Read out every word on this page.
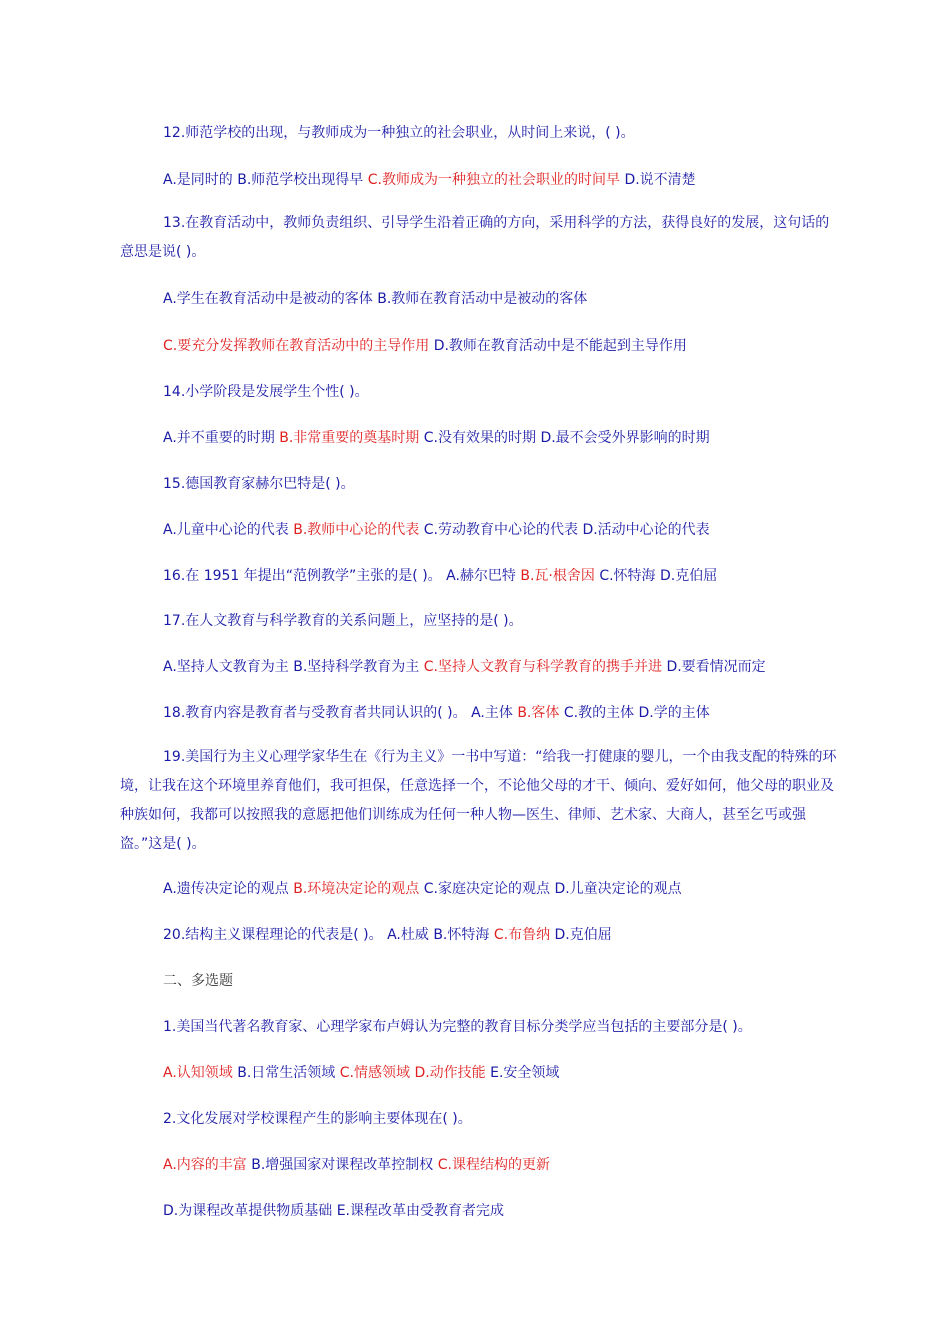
12.师范学校的出现，与教师成为一种独立的社会职业，从时间上来说，( )。
A.是同时的 B.师范学校出现得早 C.教师成为一种独立的社会职业的时间早 D.说不清楚
13.在教育活动中，教师负责组织、引导学生沿着正确的方向，采用科学的方法，获得良好的发展，这句话的意思是说( )。
A.学生在教育活动中是被动的客体 B.教师在教育活动中是被动的客体
C.要充分发挥教师在教育活动中的主导作用 D.教师在教育活动中是不能起到主导作用
14.小学阶段是发展学生个性( )。
A.并不重要的时期 B.非常重要的奠基时期 C.没有效果的时期 D.最不会受外界影响的时期
15.德国教育家赫尔巴特是( )。
A.儿童中心论的代表 B.教师中心论的代表 C.劳动教育中心论的代表 D.活动中心论的代表
16.在 1951 年提出“范例教学”主张的是( )。 A.赫尔巴特 B.瓦·根舍因 C.怀特海 D.克伯屈
17.在人文教育与科学教育的关系问题上，应坚持的是( )。
A.坚持人文教育为主 B.坚持科学教育为主 C.坚持人文教育与科学教育的携手并进 D.要看情况而定
18.教育内容是教育者与受教育者共同认识的( )。 A.主体 B.客体 C.教的主体 D.学的主体
19.美国行为主义心理学家华生在《行为主义》一书中写道：“给我一打健康的婴儿，一个由我支配的特殊的环境，让我在这个环境里养育他们，我可担保，任意选择一个，不论他父母的才干、倾向、爱好如何，他父母的职业及种族如何，我都可以按照我的意愿把他们训练成为任何一种人物—医生、律师、艺术家、大商人，甚至乞丐或强盗。”这是( )。
A.遗传决定论的观点 B.环境决定论的观点 C.家庭决定论的观点 D.儿童决定论的观点
20.结构主义课程理论的代表是( )。 A.杜威 B.怀特海 C.布鲁纳 D.克伯屈
二、多选题
1.美国当代著名教育家、心理学家布卢姆认为完整的教育目标分类学应当包括的主要部分是( )。
A.认知领域 B.日常生活领域 C.情感领域 D.动作技能 E.安全领域
2.文化发展对学校课程产生的影响主要体现在( )。
A.内容的丰富 B.增强国家对课程改革控制权 C.课程结构的更新
D.为课程改革提供物质基础 E.课程改革由受教育者完成
